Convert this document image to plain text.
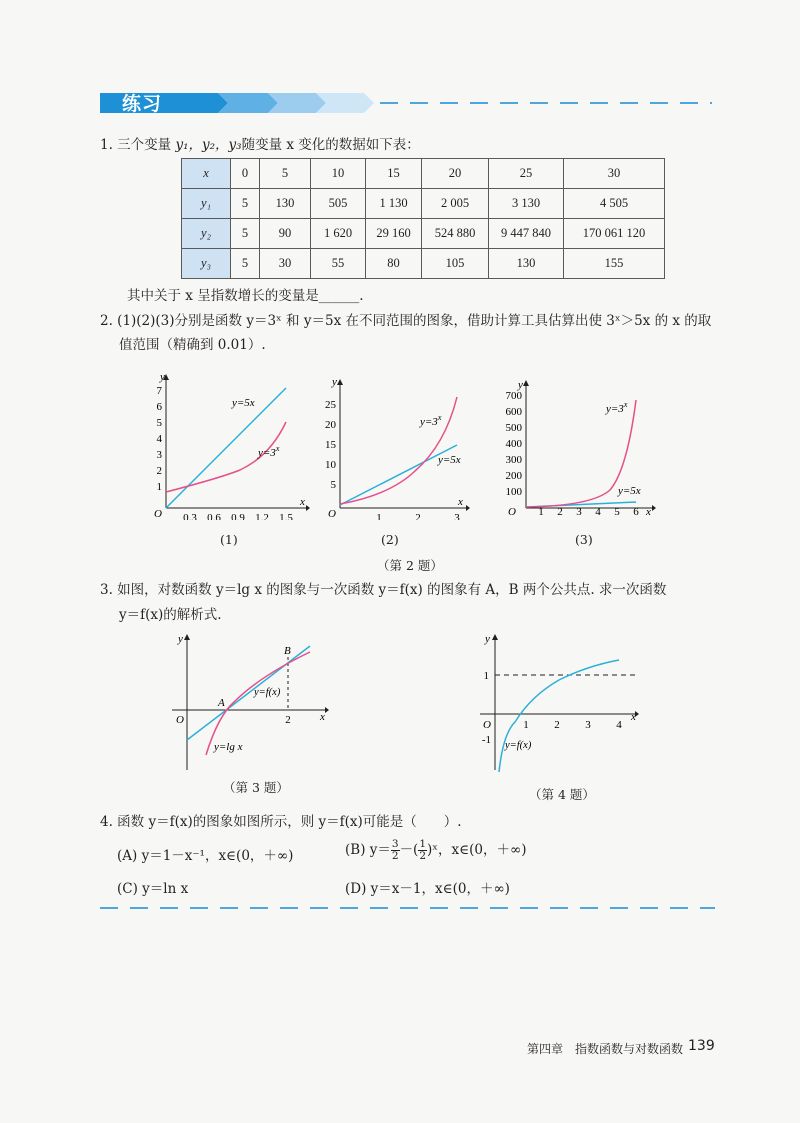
练习
1. 三个变量 y₁，y₂，y₃随变量 x 变化的数据如下表：
x	0	5	10	15	20	25	30
y₁	5	130	505	1 130	2 005	3 130	4 505
y₂	5	90	1 620	29 160	524 880	9 447 840	170 061 120
y₃	5	30	55	80	105	130	155
其中关于 x 呈指数增长的变量是______.
2. (1)(2)(3)分别是函数 y＝3ˣ 和 y＝5x 在不同范围的图象，借助计算工具估算出使 3ˣ＞5x 的 x 的取
值范围（精确到 0.01）.
y
x
O
1
2
3
4
5
6
7
0.3 0.6 0.9 1.2 1.5
y=5x
$y=3^x$
(1)
y
x
O
5
10
15
20
25
1	2	3
$y=3^x$
y=5x
(2)
y
x
O
100
200
300
400
500
600
700
1 2 3 4 5 6
$y=3^x$
y=5x
(3)
（第 2 题）
3. 如图，对数函数 y＝lg x 的图象与一次函数 y＝f(x) 的图象有 A，B 两个公共点. 求一次函数
y＝f(x)的解析式.
y
x
O	2
A
B
y=f(x)
y=lg x
（第 3 题）
y
x
O
1
-1
1 2 3 4
y=f(x)
（第 4 题）
4. 函数 y＝f(x)的图象如图所示，则 y＝f(x)可能是（　　）.
(A) y＝1－x⁻¹，x∈(0，＋∞)	(B) $y= \frac{3}{2}$ －( $\frac{1}{2}$ )ˣ，x∈(0，＋∞)
(C) y＝ln x	(D) y＝x－1，x∈(0，＋∞)
第四章　指数函数与对数函数 139
